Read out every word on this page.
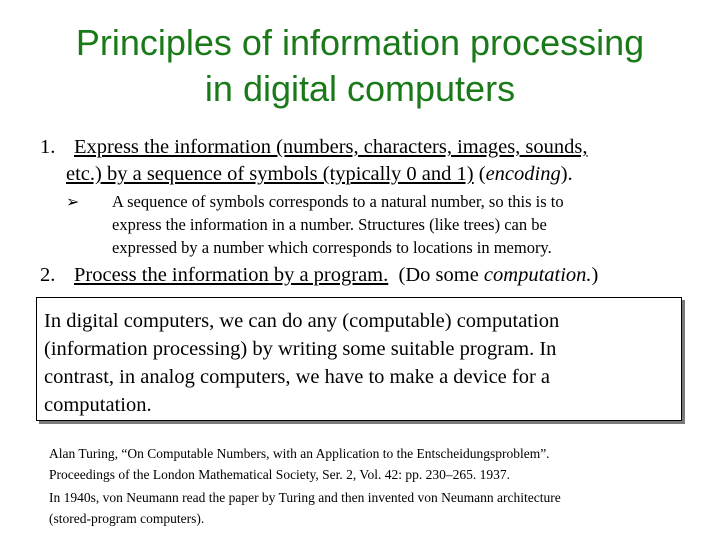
Principles of information processing
in digital computers
1. Express the information (numbers, characters, images, sounds,
etc.) by a sequence of symbols (typically 0 and 1) (encoding).
➢ A sequence of symbols corresponds to a natural number, so this is to
express the information in a number. Structures (like trees) can be
expressed by a number which corresponds to locations in memory.
2. Process the information by a program.  (Do some computation.)
In digital computers, we can do any (computable) computation
(information processing) by writing some suitable program. In
contrast, in analog computers, we have to make a device for a
computation.
Alan Turing, “On Computable Numbers, with an Application to the Entscheidungsproblem”.
Proceedings of the London Mathematical Society, Ser. 2, Vol. 42: pp. 230–265. 1937.
In 1940s, von Neumann read the paper by Turing and then invented von Neumann architecture
(stored-program computers).
